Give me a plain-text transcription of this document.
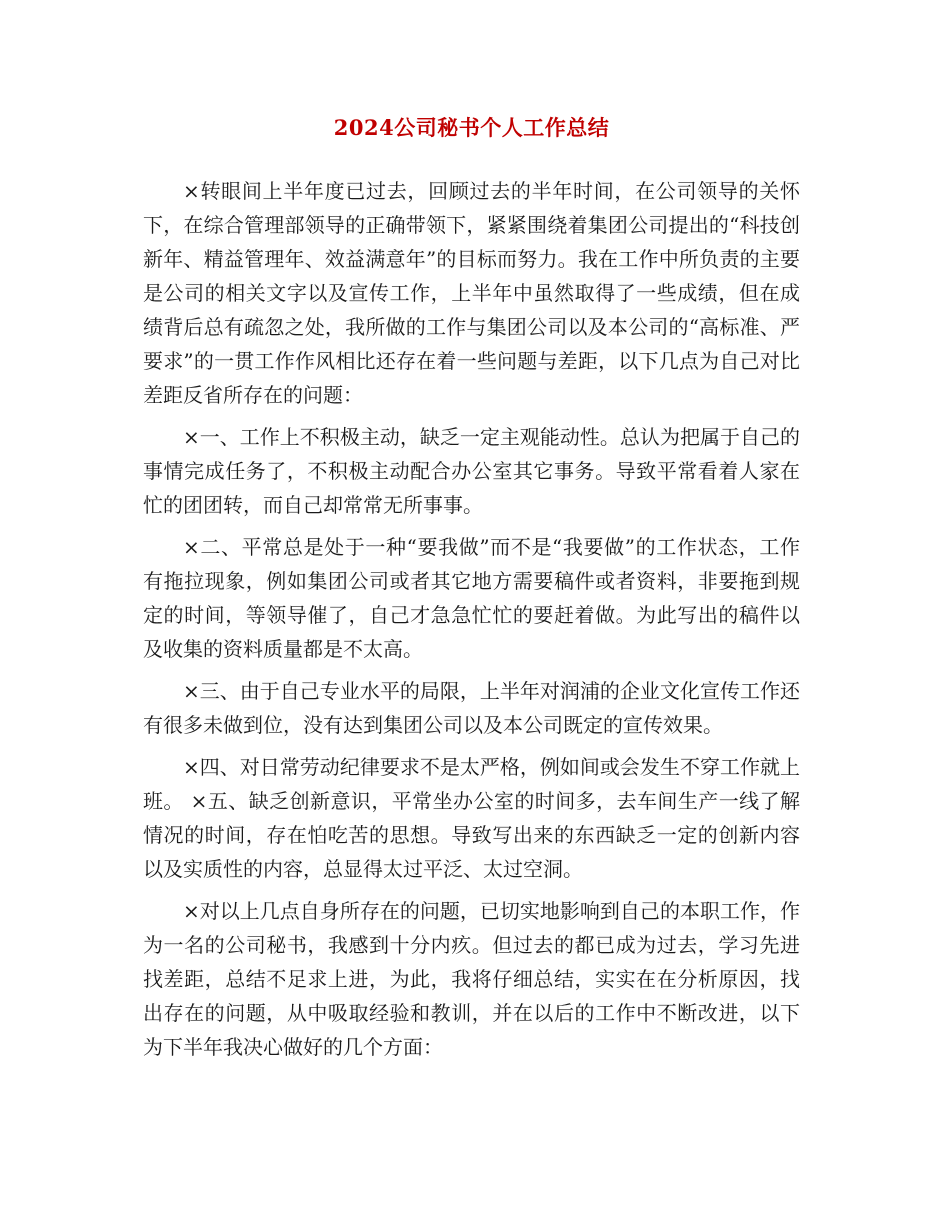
2024公司秘书个人工作总结

×转眼间上半年度已过去，回顾过去的半年时间，在公司领导的关怀下，在综合管理部领导的正确带领下，紧紧围绕着集团公司提出的“科技创新年、精益管理年、效益满意年”的目标而努力。我在工作中所负责的主要是公司的相关文字以及宣传工作，上半年中虽然取得了一些成绩，但在成绩背后总有疏忽之处，我所做的工作与集团公司以及本公司的“高标准、严要求”的一贯工作作风相比还存在着一些问题与差距，以下几点为自己对比差距反省所存在的问题：

×一、工作上不积极主动，缺乏一定主观能动性。总认为把属于自己的事情完成任务了，不积极主动配合办公室其它事务。导致平常看着人家在忙的团团转，而自己却常常无所事事。

×二、平常总是处于一种“要我做”而不是“我要做”的工作状态，工作有拖拉现象，例如集团公司或者其它地方需要稿件或者资料，非要拖到规定的时间，等领导催了，自己才急急忙忙的要赶着做。为此写出的稿件以及收集的资料质量都是不太高。

×三、由于自己专业水平的局限，上半年对润浦的企业文化宣传工作还有很多未做到位，没有达到集团公司以及本公司既定的宣传效果。

×四、对日常劳动纪律要求不是太严格，例如间或会发生不穿工作就上班。 ×五、缺乏创新意识，平常坐办公室的时间多，去车间生产一线了解情况的时间，存在怕吃苦的思想。导致写出来的东西缺乏一定的创新内容以及实质性的内容，总显得太过平泛、太过空洞。

×对以上几点自身所存在的问题，已切实地影响到自己的本职工作，作为一名的公司秘书，我感到十分内疚。但过去的都已成为过去，学习先进找差距，总结不足求上进，为此，我将仔细总结，实实在在分析原因，找出存在的问题，从中吸取经验和教训，并在以后的工作中不断改进，以下为下半年我决心做好的几个方面：
